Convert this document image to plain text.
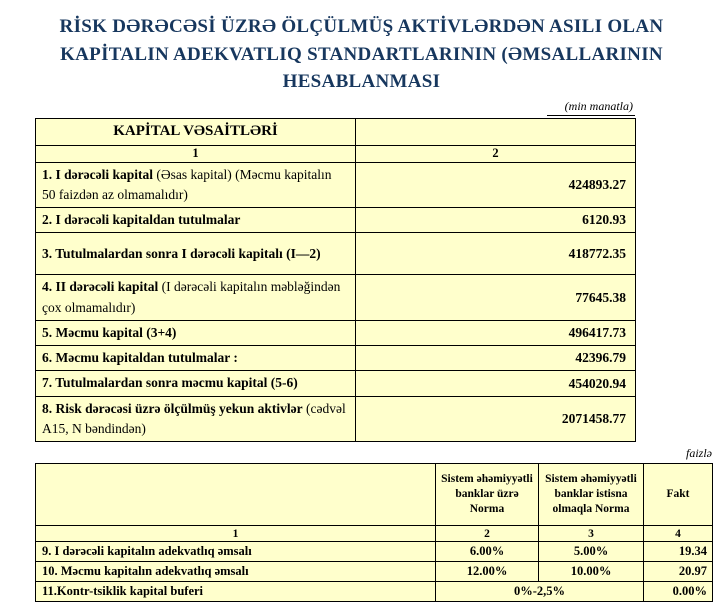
RİSK DƏRƏCƏSİ ÜZRƏ ÖLÇÜLMÜŞ AKTİVLƏRDƏN ASILI OLAN
KAPİTALIN ADEKVATLIQ STANDARTLARININ (ƏMSALLARININ
HESABLANMASI
(min manatla)
KAPİTAL VƏSAİTLƏRİ	
1	2
1. I dərəcəli kapital (Əsas kapital) (Məcmu kapitalın 50 faizdən az olmamalıdır)	424893.27
2. I dərəcəli kapitaldan tutulmalar	6120.93
3. Tutulmalardan sonra I dərəcəli kapitalı (I—2)	418772.35
4. II dərəcəli kapital (I dərəcəli kapitalın məbləğindən çox olmamalıdır)	77645.38
5. Məcmu kapital (3+4)	496417.73
6. Məcmu kapitaldan tutulmalar :	42396.79
7. Tutulmalardan sonra məcmu kapital (5-6)	454020.94
8. Risk dərəcəsi üzrə ölçülmüş yekun aktivlər (cədvəl A15, N bəndindən)	2071458.77
faizlə
	Sistem əhəmiyyətli banklar üzrə Norma	Sistem əhəmiyyətli banklar istisna olmaqla Norma	Fakt
1	2	3	4
9. I dərəcəli kapitalın adekvatlıq əmsalı	6.00%	5.00%	19.34
10. Məcmu kapitalın adekvatlıq əmsalı	12.00%	10.00%	20.97
11.Kontr-tsiklik kapital buferi	0%-2,5%		0.00%
